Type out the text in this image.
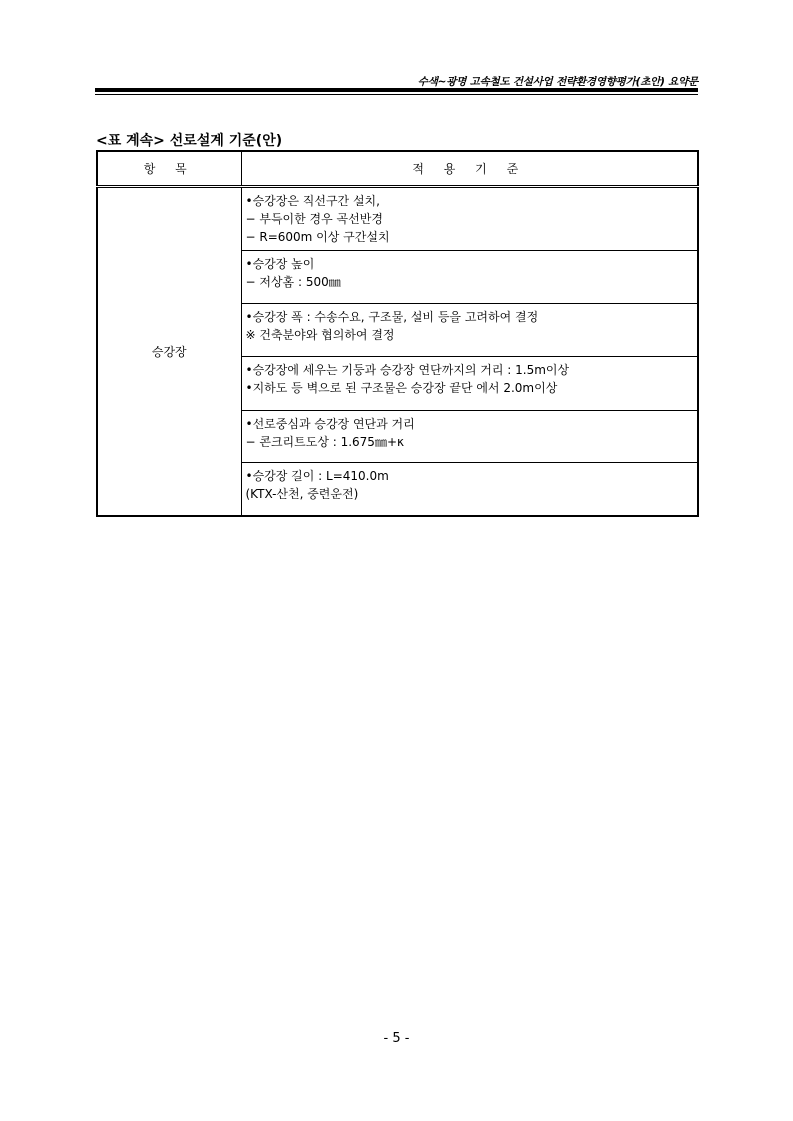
수색~광명 고속철도 건설사업 전략환경영향평가(초안) 요약문
<표 계속> 선로설계 기준(안)
항 목	적 용 기 준
승강장	•승강장은 직선구간 설치,
− 부득이한 경우 곡선반경
− R=600m 이상 구간설치

	•승강장 높이
− 저상홈 : 500㎜

	•승강장 폭 : 수송수요, 구조물, 설비 등을 고려하여 결정
※ 건축분야와 협의하여 결정

	•승강장에 세우는 기둥과 승강장 연단까지의 거리 : 1.5m이상
•지하도 등 벽으로 된 구조물은 승강장 끝단 에서 2.0m이상

	•선로중심과 승강장 연단과 거리
− 콘크리트도상 : 1.675㎜+κ

	•승강장 길이 : L=410.0m
(KTX-산천, 중련운전)
- 5 -
